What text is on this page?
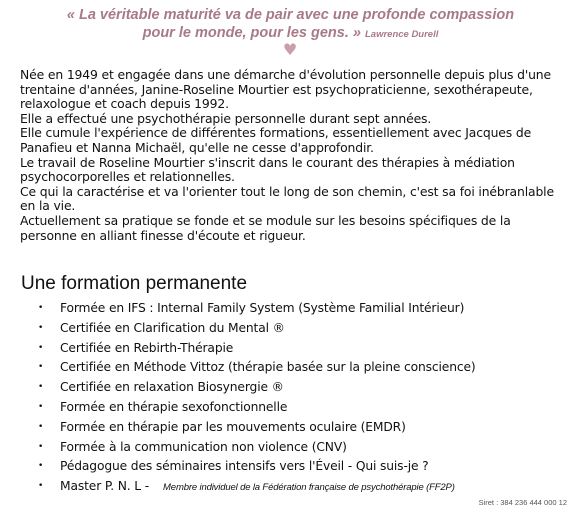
« La véritable maturité va de pair avec une profonde compassion
pour le monde, pour les gens. » Lawrence Durell
♥

Née en 1949 et engagée dans une démarche d'évolution personnelle depuis plus d'une trentaine d'années, Janine-Roseline Mourtier est psychopraticienne, sexothérapeute, relaxologue et coach depuis 1992.

Elle a effectué une psychothérapie personnelle durant sept années.

Elle cumule l'expérience de différentes formations, essentiellement avec Jacques de Panafieu et Nanna Michaël, qu'elle ne cesse d'approfondir.

Le travail de Roseline Mourtier s'inscrit dans le courant des thérapies à médiation psychocorporelles et relationnelles.

Ce qui la caractérise et va l'orienter tout le long de son chemin, c'est sa foi inébranlable en la vie.

Actuellement sa pratique se fonde et se module sur les besoins spécifiques de la personne en alliant finesse d'écoute et rigueur.

Une formation permanente
• Formée en IFS : Internal Family System (Système Familial Intérieur)
• Certifiée en Clarification du Mental ®
• Certifiée en Rebirth-Thérapie
• Certifiée en Méthode Vittoz (thérapie basée sur la pleine conscience)
• Certifiée en relaxation Biosynergie ®
• Formée en thérapie sexofonctionnelle
• Formée en thérapie par les mouvements oculaire (EMDR)
• Formée à la communication non violence (CNV)
• Pédagogue des séminaires intensifs vers l'Éveil - Qui suis-je ?
• Master P. N. L - Membre individuel de la Fédération française de psychothérapie (FF2P)
Siret : 384 236 444 000 12
